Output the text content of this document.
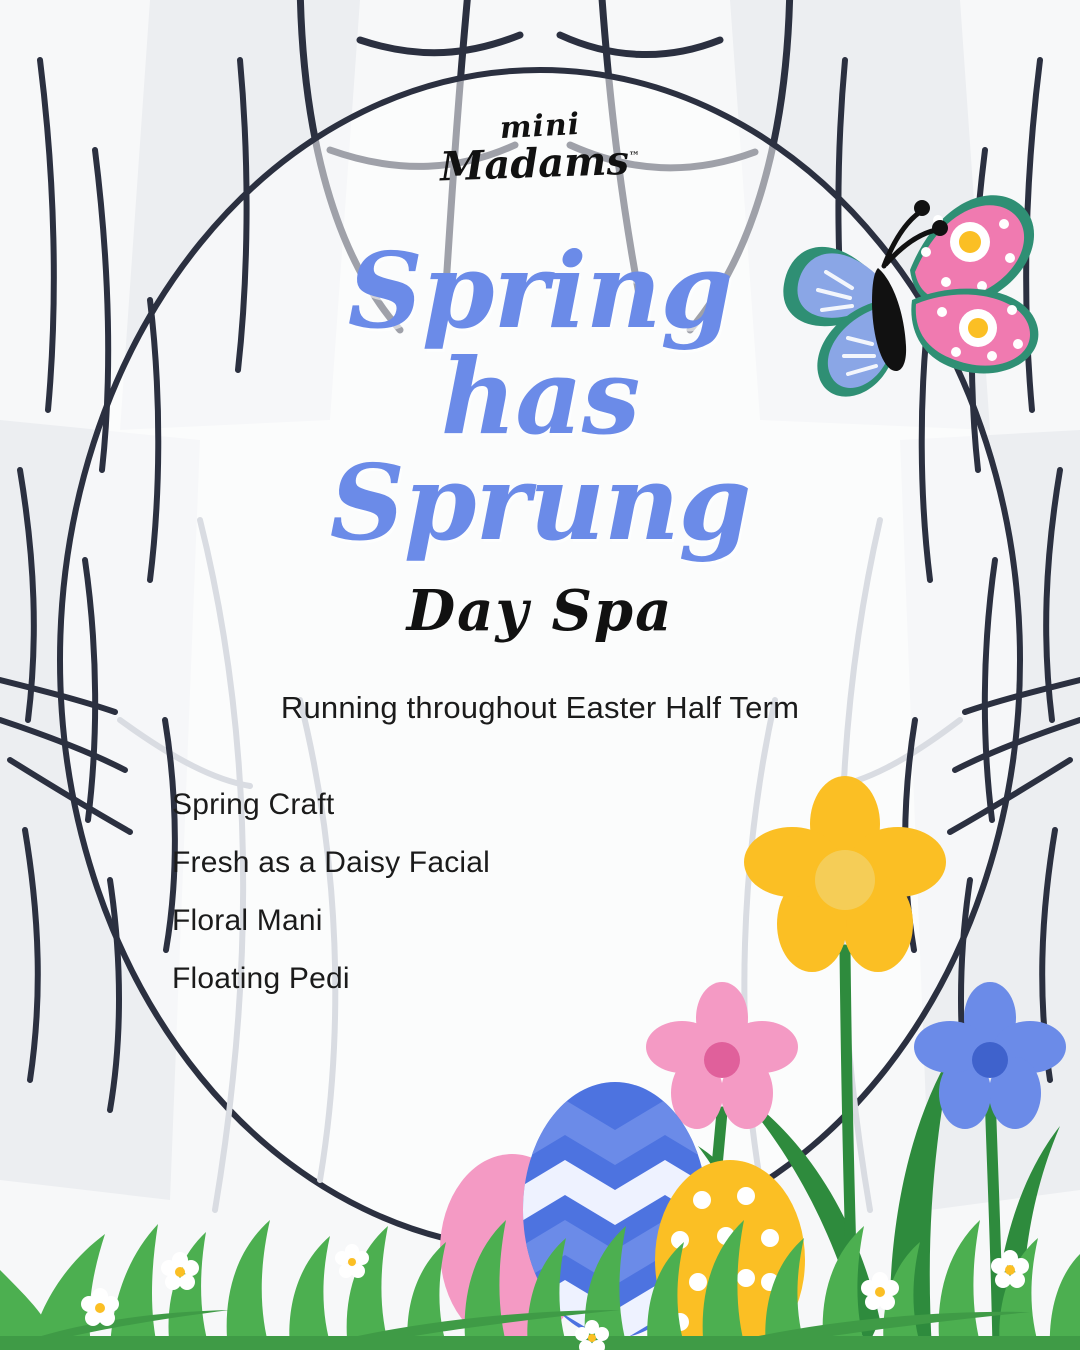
mini
Madams™
Spring
has
Sprung
Day Spa
Running throughout Easter Half Term
Spring Craft
Fresh as a Daisy Facial
Floral Mani
Floating Pedi
